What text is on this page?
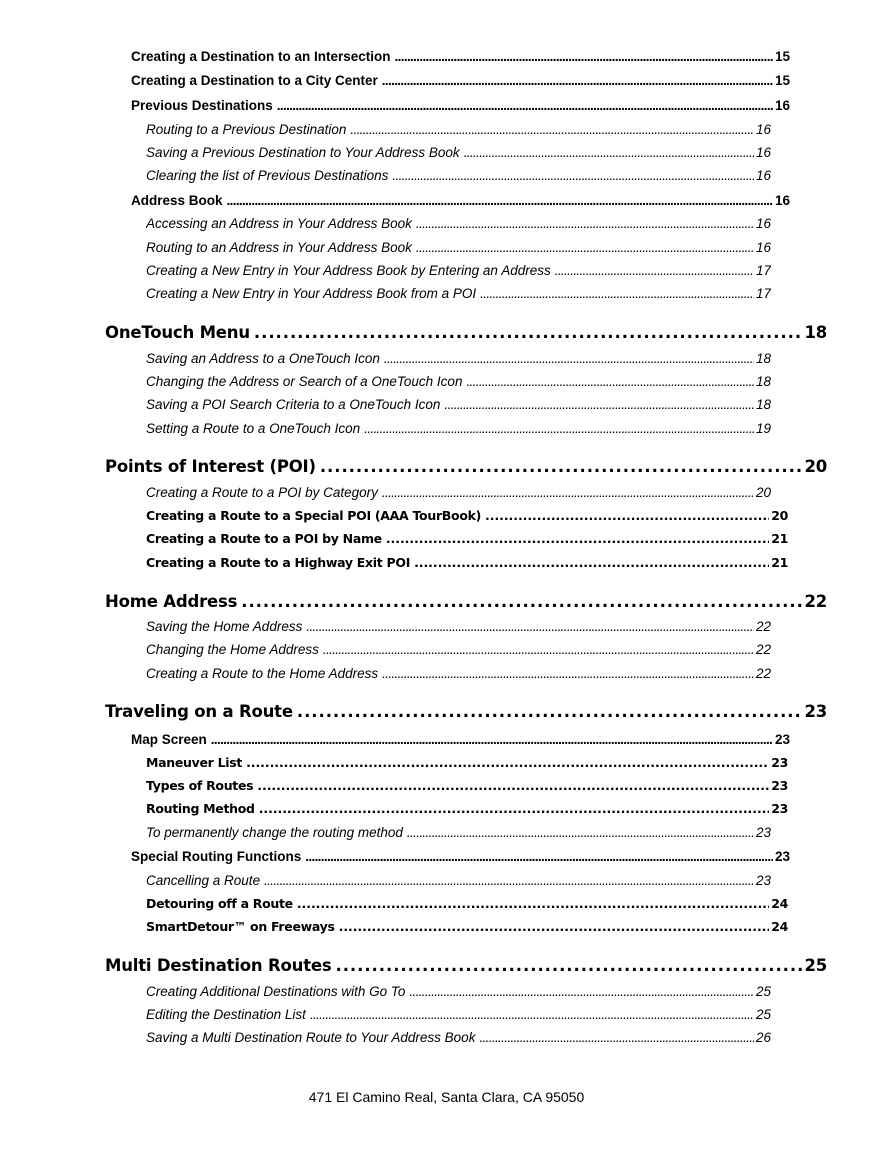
Creating a Destination to an Intersection . . .	15
Creating a Destination to a City Center . . .	15
Previous Destinations . . .	16
Routing to a Previous Destination . . .	16
Saving a Previous Destination to Your Address Book . . .	16
Clearing the list of Previous Destinations . . .	16
Address Book . . .	16
Accessing an Address in Your Address Book . . .	16
Routing to an Address in Your Address Book . . .	16
Creating a New Entry in Your Address Book by Entering an Address . . .	17
Creating a New Entry in Your Address Book from a POI . . .	17
OneTouch Menu . . .	18
Saving an Address to a OneTouch Icon . . .	18
Changing the Address or Search of a OneTouch Icon . . .	18
Saving a POI Search Criteria to a OneTouch Icon . . .	18
Setting a Route to a OneTouch Icon . . .	19
Points of Interest (POI) . . .	20
Creating a Route to a POI by Category . . .	20
Creating a Route to a Special POI (AAA TourBook) . . .	20
Creating a Route to a POI by Name . . .	21
Creating a Route to a Highway Exit POI . . .	21
Home Address . . .	22
Saving the Home Address . . .	22
Changing the Home Address . . .	22
Creating a Route to the Home Address . . .	22
Traveling on a Route . . .	23
Map Screen . . .	23
Maneuver List . . .	23
Types of Routes . . .	23
Routing Method . . .	23
To permanently change the routing method . . .	23
Special Routing Functions . . .	23
Cancelling a Route . . .	23
Detouring off a Route . . .	24
SmartDetour™ on Freeways . . .	24
Multi Destination Routes . . .	25
Creating Additional Destinations with Go To . . .	25
Editing the Destination List . . .	25
Saving a Multi Destination Route to Your Address Book . . .	26
471 El Camino Real, Santa Clara, CA 95050
